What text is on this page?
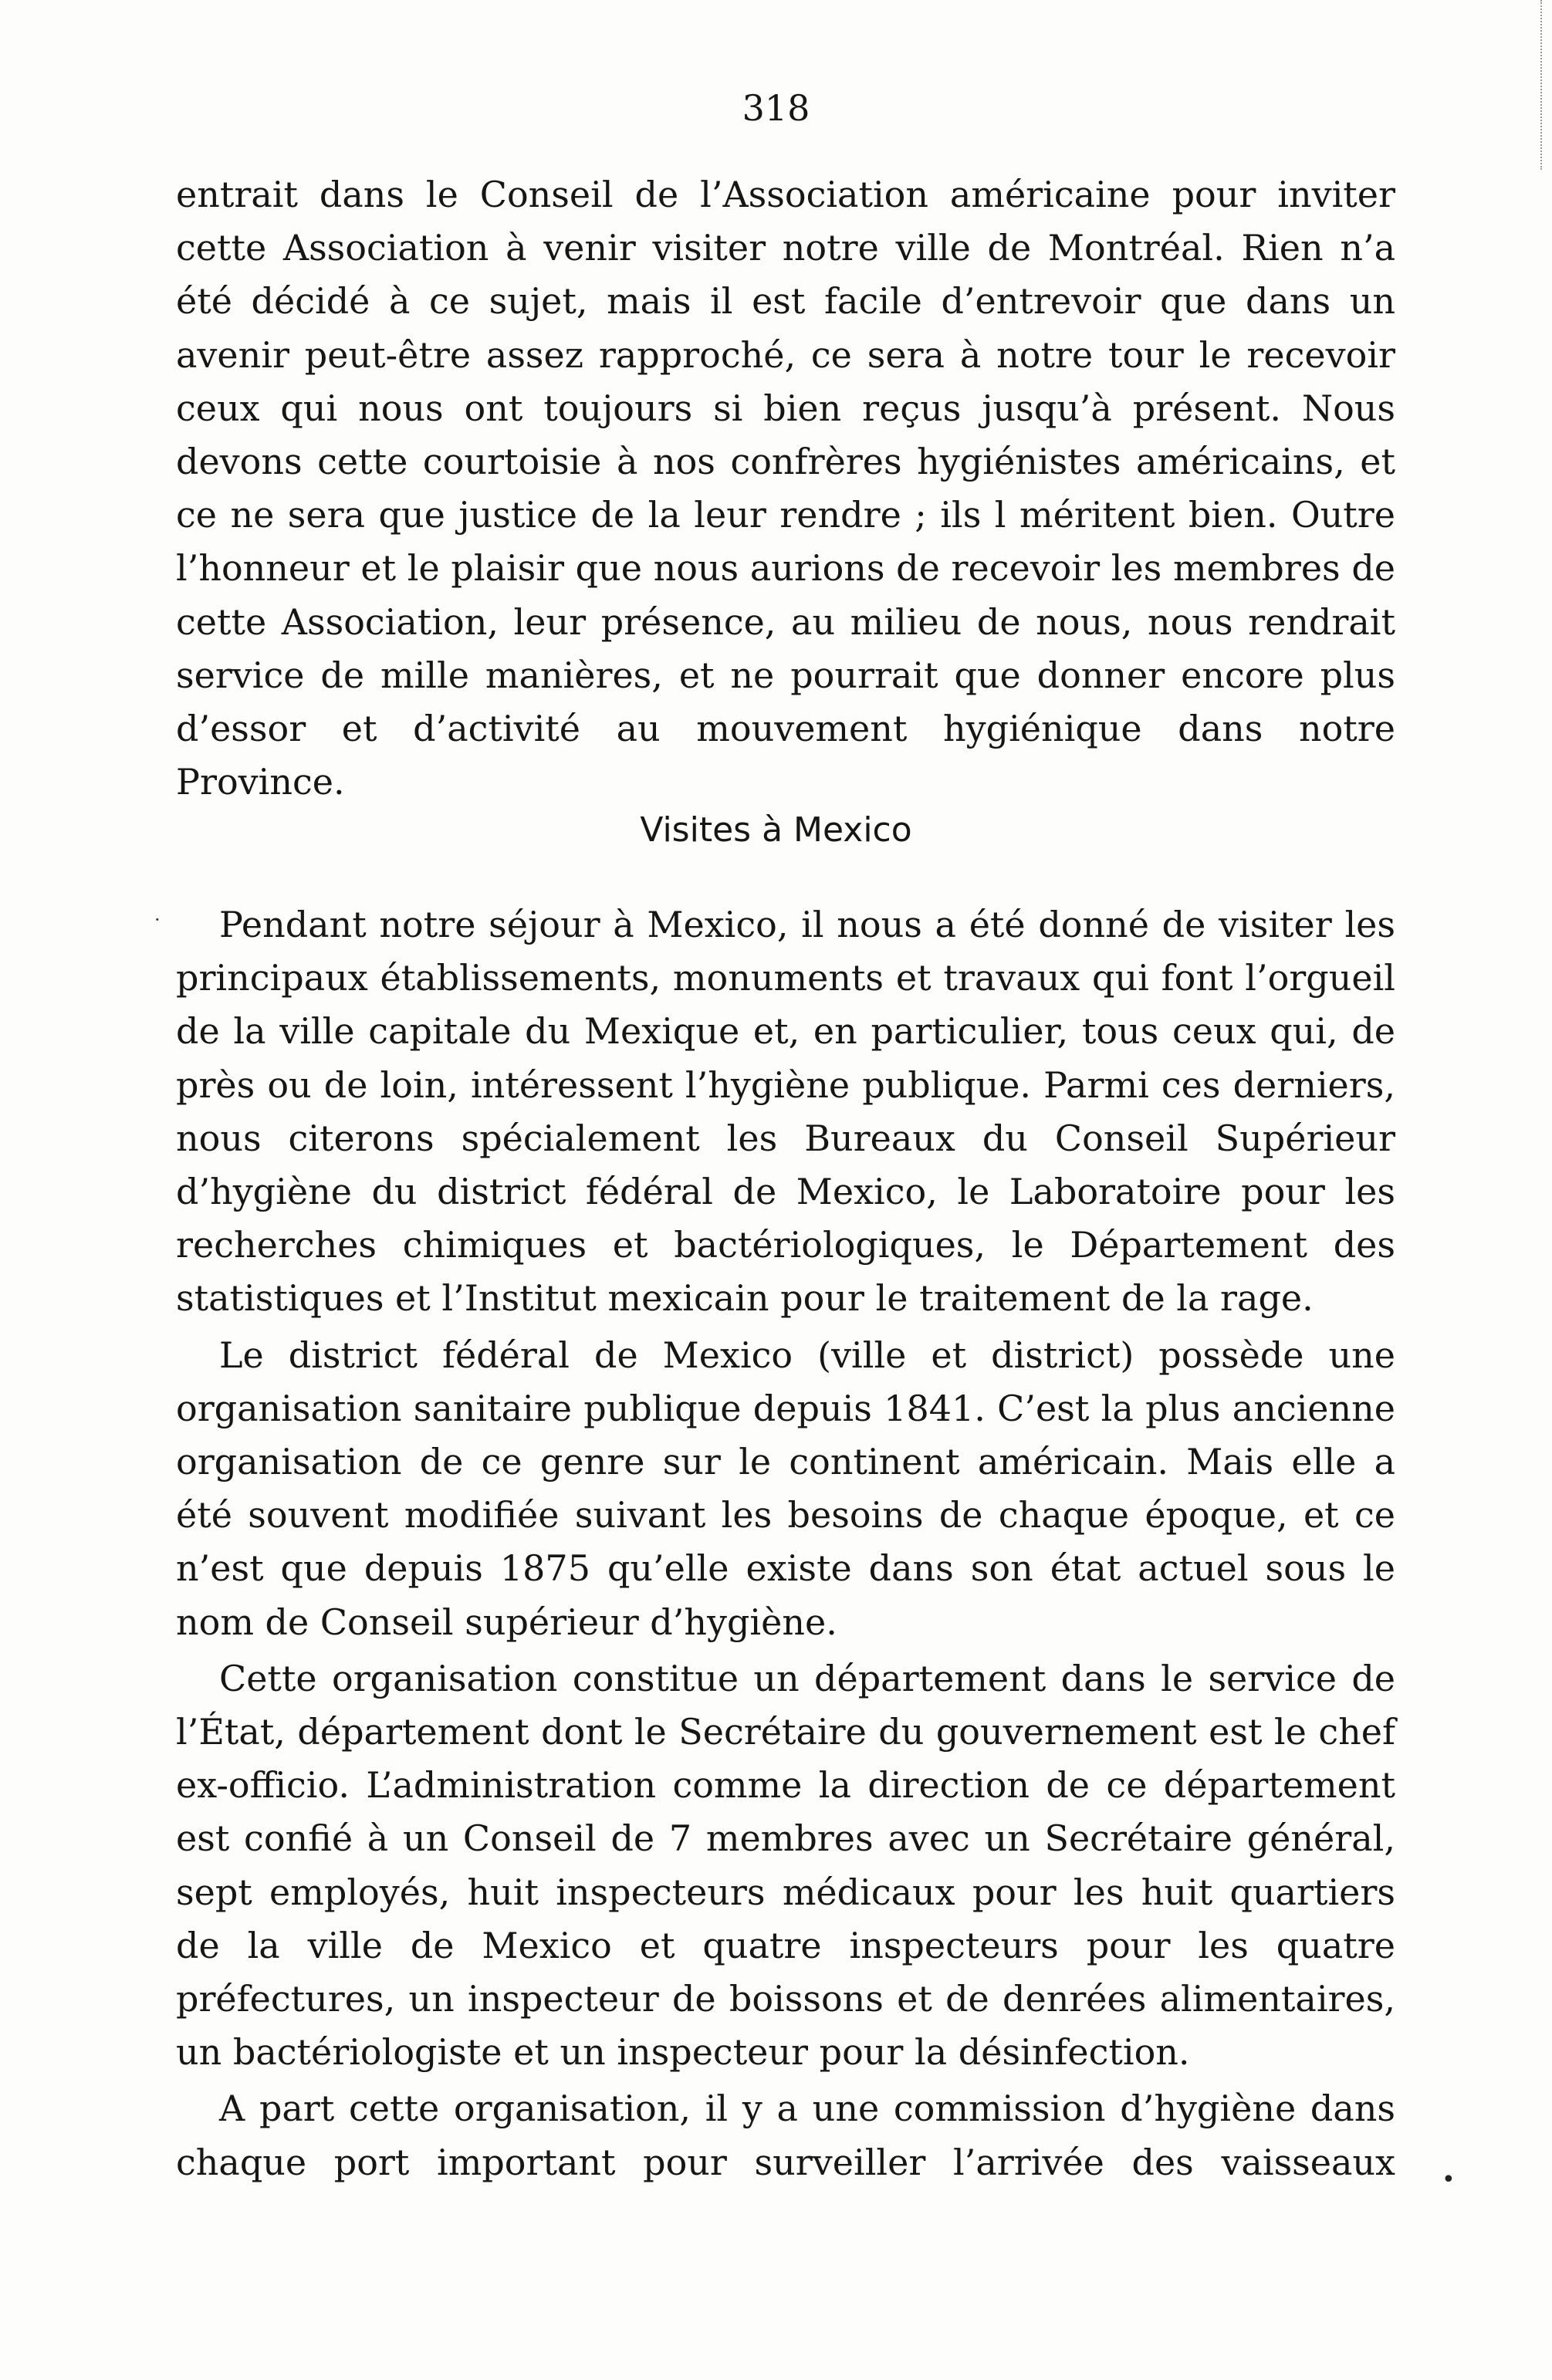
318

entrait dans le Conseil de l’Association américaine pour inviter cette Association à venir visiter notre ville de Montréal. Rien n’a été décidé à ce sujet, mais il est facile d’entrevoir que dans un avenir peut-être assez rapproché, ce sera à notre tour le recevoir ceux qui nous ont toujours si bien reçus jusqu’à présent. Nous devons cette courtoisie à nos confrères hygiénistes américains, et ce ne sera que justice de la leur rendre ; ils l méritent bien. Outre l’honneur et le plaisir que nous aurions de recevoir les membres de cette Association, leur présence, au milieu de nous, nous rendrait service de mille manières, et ne pourrait que donner encore plus d’essor et d’activité au mouvement hygiénique dans notre Province.

Visites à Mexico

Pendant notre séjour à Mexico, il nous a été donné de visiter les principaux établissements, monuments et travaux qui font l’orgueil de la ville capitale du Mexique et, en particulier, tous ceux qui, de près ou de loin, intéressent l’hygiène publique. Parmi ces derniers, nous citerons spécialement les Bureaux du Conseil Supérieur d’hygiène du district fédéral de Mexico, le Laboratoire pour les recherches chimiques et bactériologiques, le Département des statistiques et l’Institut mexicain pour le traitement de la rage.

Le district fédéral de Mexico (ville et district) possède une organisation sanitaire publique depuis 1841. C’est la plus ancienne organisation de ce genre sur le continent américain. Mais elle a été souvent modifiée suivant les besoins de chaque époque, et ce n’est que depuis 1875 qu’elle existe dans son état actuel sous le nom de Conseil supérieur d’hygiène.

Cette organisation constitue un département dans le service de l’État, département dont le Secrétaire du gouvernement est le chef ex-officio. L’administration comme la direction de ce département est confié à un Conseil de 7 membres avec un Secrétaire général, sept employés, huit inspecteurs médicaux pour les huit quartiers de la ville de Mexico et quatre inspecteurs pour les quatre préfectures, un inspecteur de boissons et de denrées alimentaires, un bactériologiste et un inspecteur pour la désinfection.

A part cette organisation, il y a une commission d’hygiène dans chaque port important pour surveiller l’arrivée des vaisseaux •
·
